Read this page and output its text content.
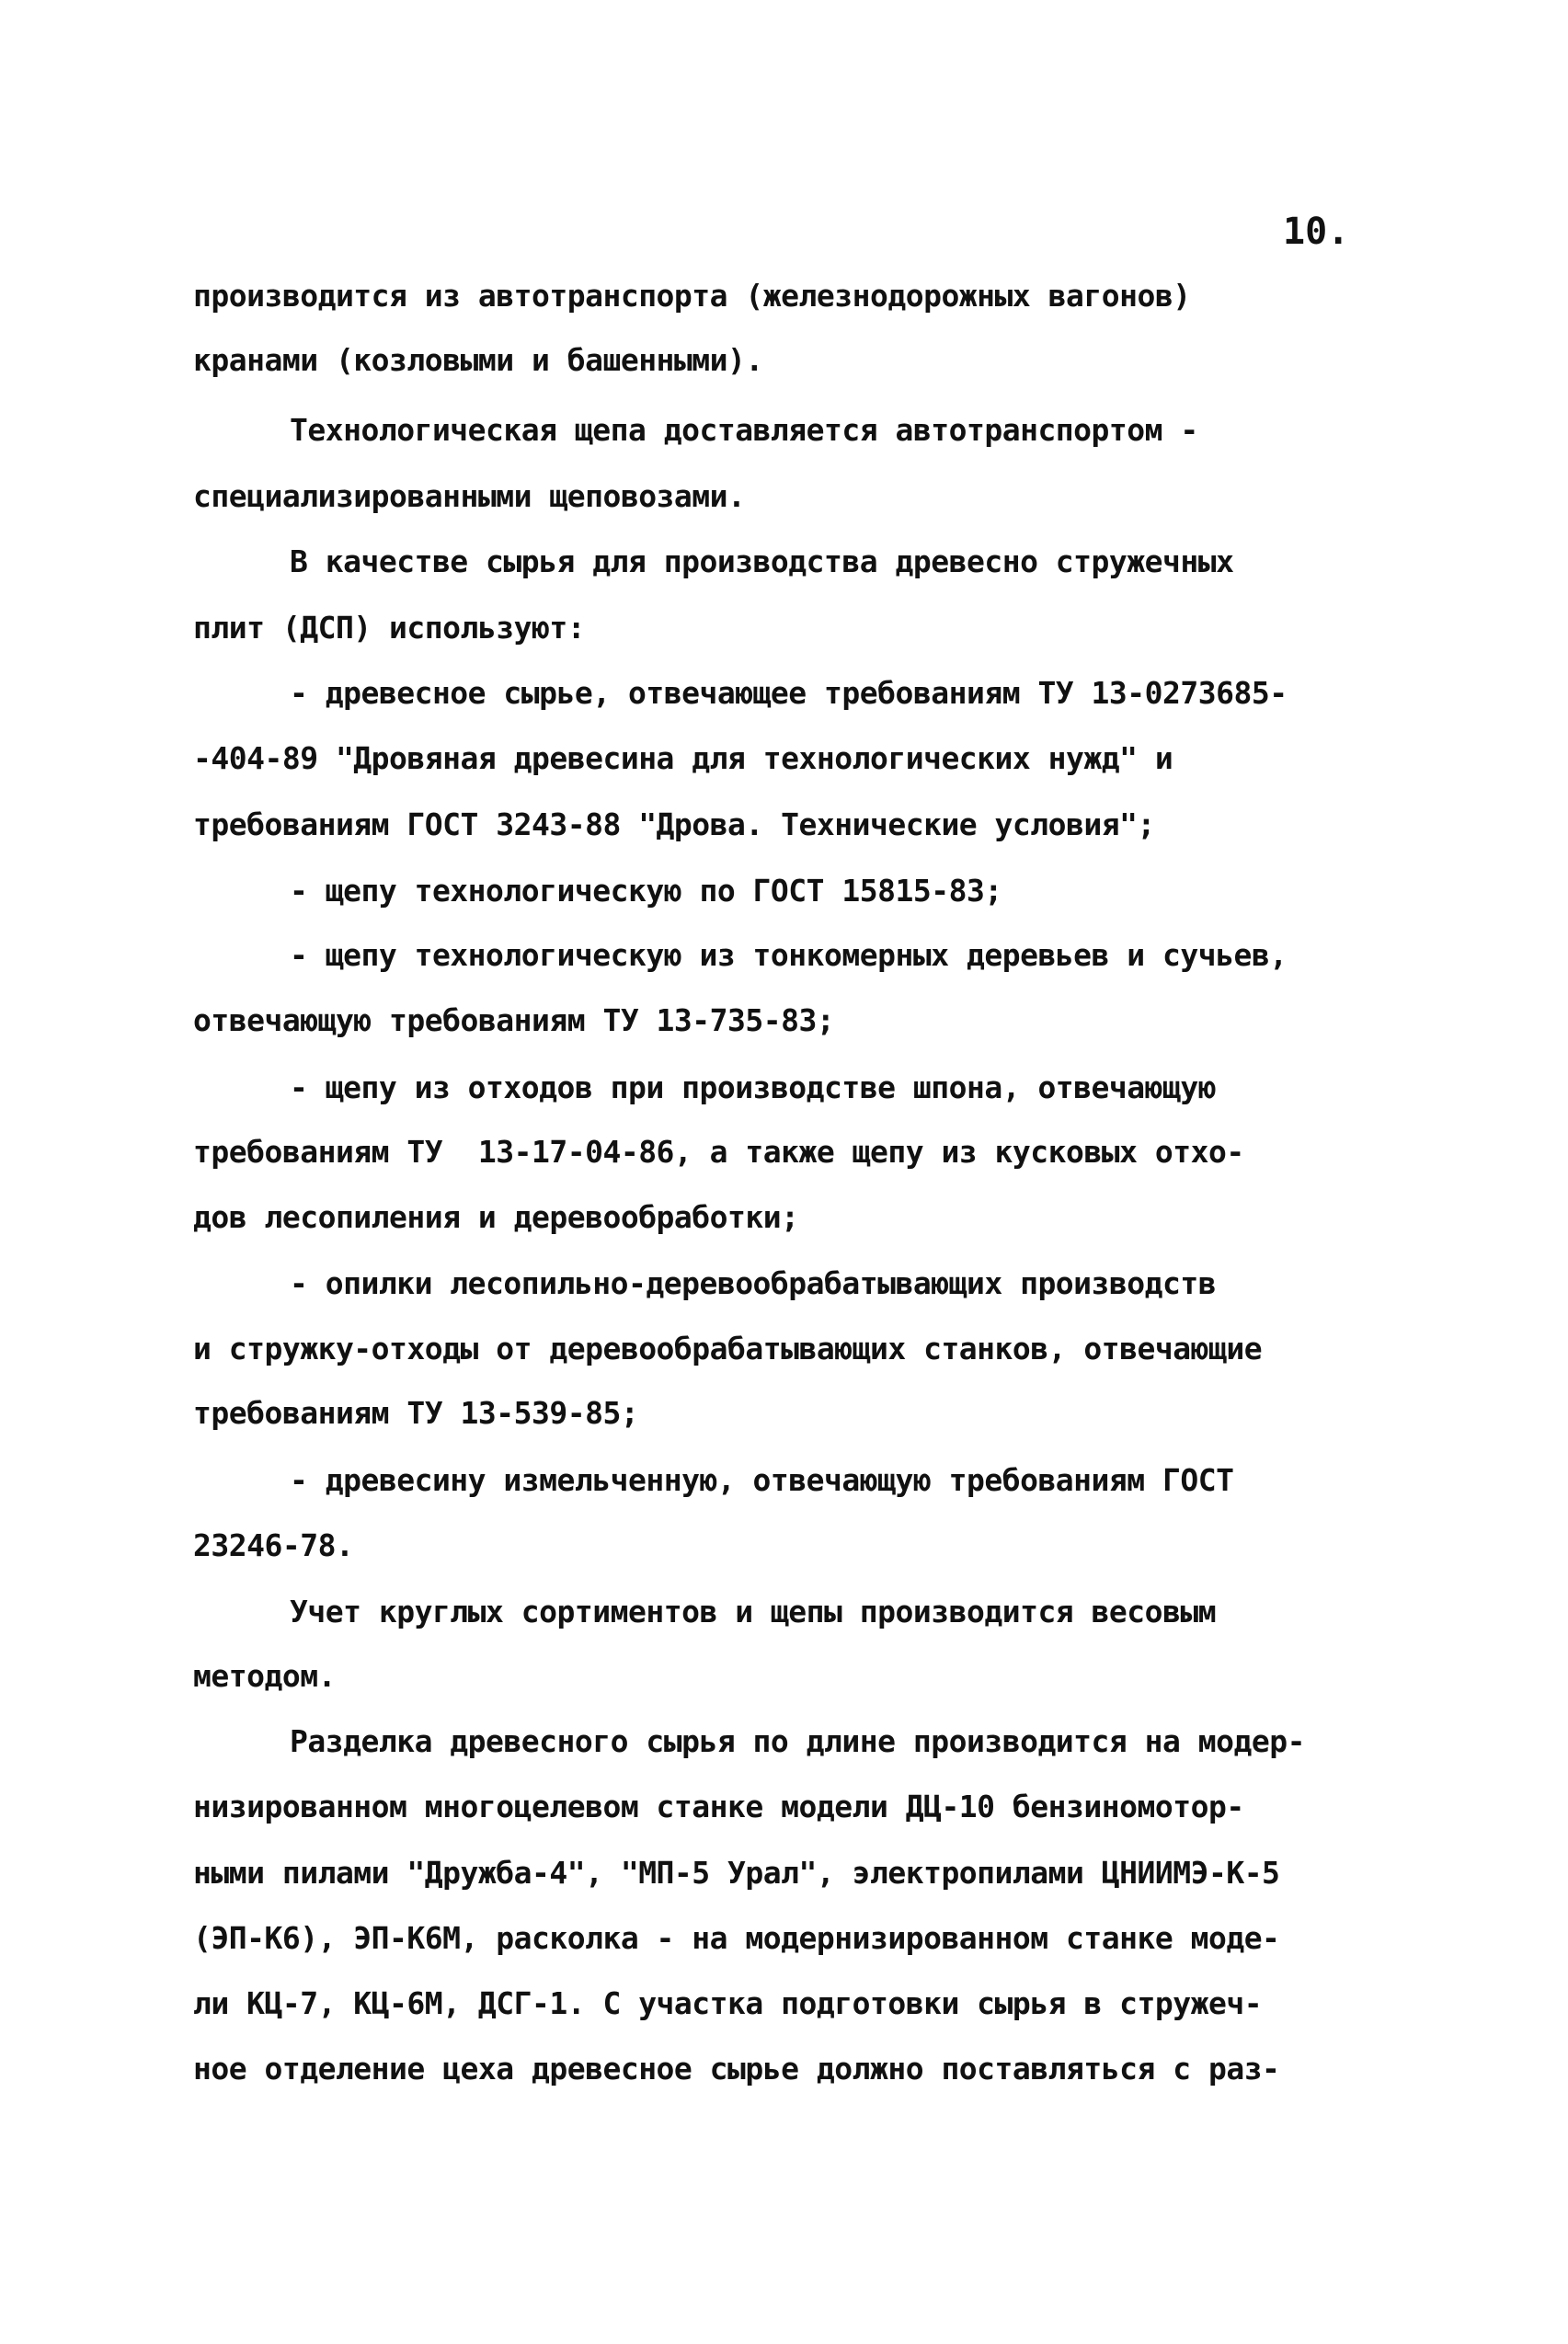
10.
производится из автотранспорта (железнодорожных вагонов)
кранами (козловыми и башенными).
Технологическая щепа доставляется автотранспортом -
специализированными щеповозами.
В качестве сырья для производства древесно стружечных
плит (ДСП) используют:
- древесное сырье, отвечающее требованиям ТУ 13-0273685-
-404-89 "Дровяная древесина для технологических нужд" и
требованиям ГОСТ 3243-88 "Дрова. Технические условия";
- щепу технологическую по ГОСТ 15815-83;
- щепу технологическую из тонкомерных деревьев и сучьев,
отвечающую требованиям ТУ 13-735-83;
- щепу из отходов при производстве шпона, отвечающую
требованиям ТУ  13-17-04-86, а также щепу из кусковых отхо-
дов лесопиления и деревообработки;
- опилки лесопильно-деревообрабатывающих производств
и стружку-отходы от деревообрабатывающих станков, отвечающие
требованиям ТУ 13-539-85;
- древесину измельченную, отвечающую требованиям ГОСТ
23246-78.
Учет круглых сортиментов и щепы производится весовым
методом.
Разделка древесного сырья по длине производится на модер-
низированном многоцелевом станке модели ДЦ-10 бензиномотор-
ными пилами "Дружба-4", "МП-5 Урал", электропилами ЦНИИМЭ-К-5
(ЭП-К6), ЭП-К6М, расколка - на модернизированном станке моде-
ли КЦ-7, КЦ-6М, ДСГ-1. С участка подготовки сырья в стружеч-
ное отделение цеха древесное сырье должно поставляться с раз-
